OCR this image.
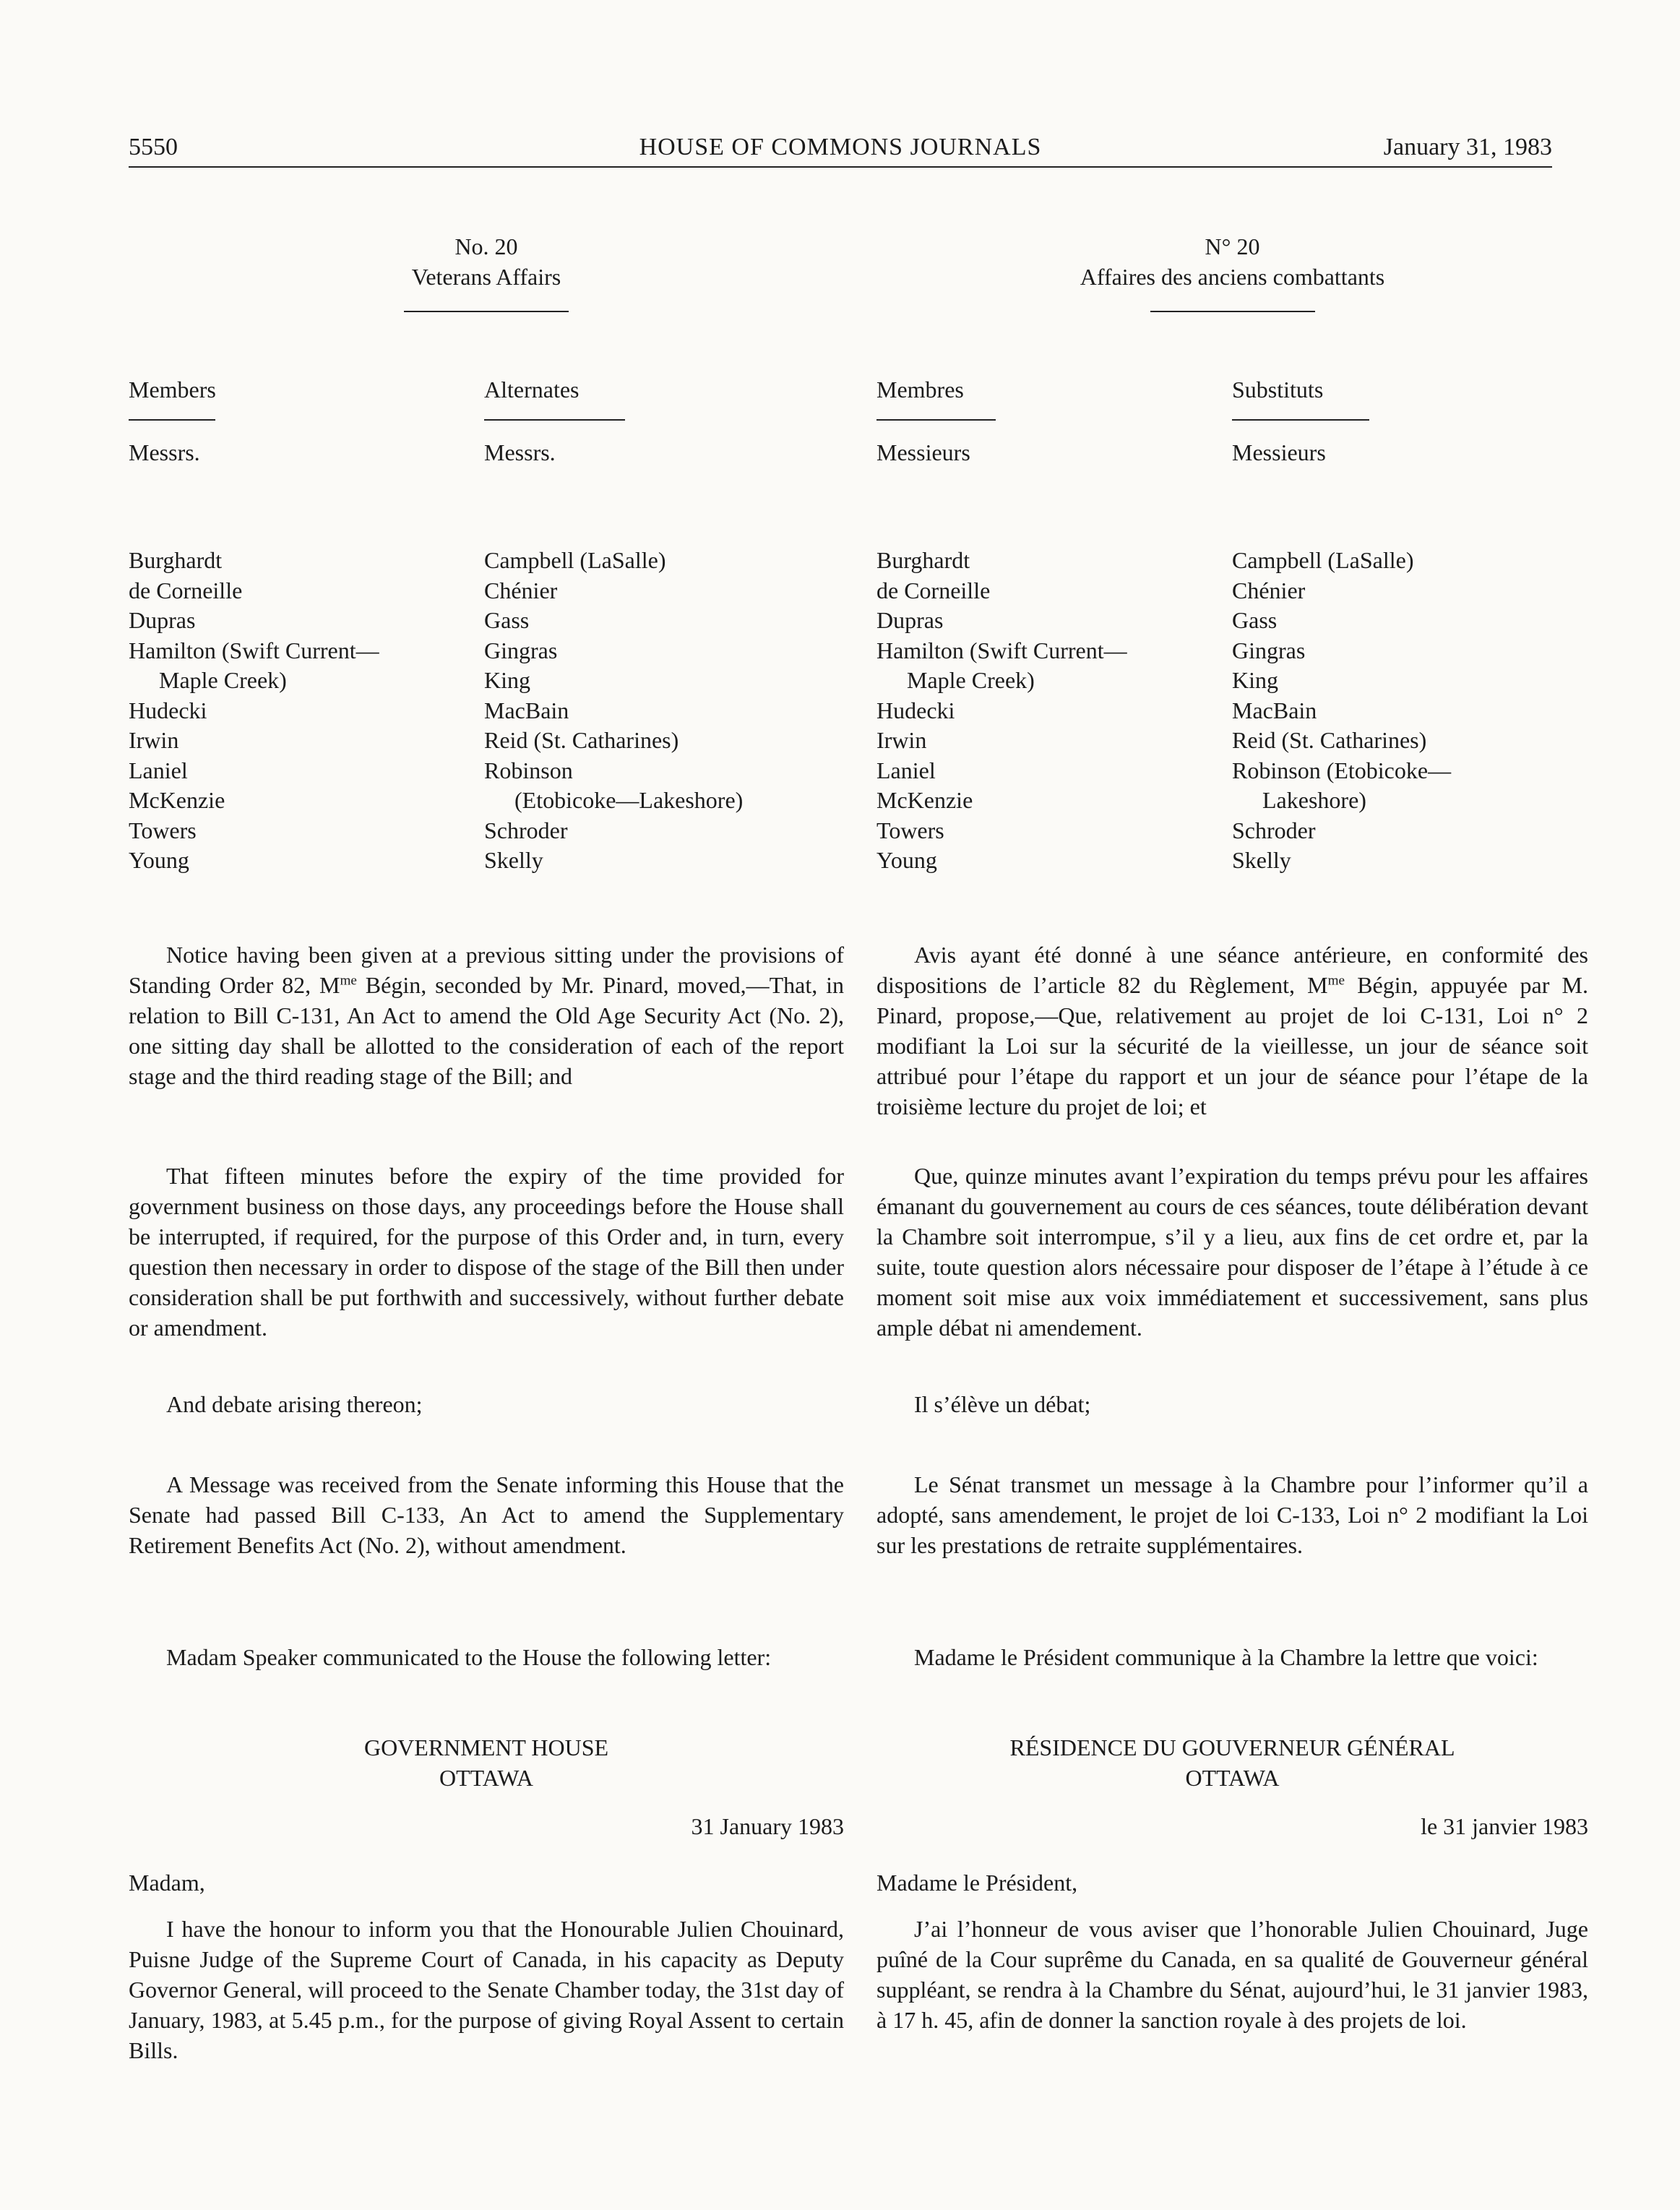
5550	HOUSE OF COMMONS JOURNALS	January 31, 1983
No. 20
Veterans Affairs
Members
Messrs.
Alternates
Messrs.
Burghardt
de Corneille
Dupras
Hamilton (Swift Current—
Maple Creek)
Hudecki
Irwin
Laniel
McKenzie
Towers
Young
Campbell (LaSalle)
Chénier
Gass
Gingras
King
MacBain
Reid (St. Catharines)
Robinson
(Etobicoke—Lakeshore)
Schroder
Skelly

Notice having been given at a previous sitting under the provisions of Standing Order 82, $M^{me}$ Bégin, seconded by Mr. Pinard, moved,—That, in relation to Bill C-131, An Act to amend the Old Age Security Act (No. 2), one sitting day shall be allotted to the consideration of each of the report stage and the third reading stage of the Bill; and

That fifteen minutes before the expiry of the time provided for government business on those days, any proceedings before the House shall be interrupted, if required, for the purpose of this Order and, in turn, every question then necessary in order to dispose of the stage of the Bill then under consideration shall be put forthwith and successively, without further debate or amendment.

And debate arising thereon;

A Message was received from the Senate informing this House that the Senate had passed Bill C-133, An Act to amend the Supplementary Retirement Benefits Act (No. 2), without amendment.

Madam Speaker communicated to the House the following letter:

GOVERNMENT HOUSE
OTTAWA
31 January 1983
Madam,

I have the honour to inform you that the Honourable Julien Chouinard, Puisne Judge of the Supreme Court of Canada, in his capacity as Deputy Governor General, will proceed to the Senate Chamber today, the 31st day of January, 1983, at 5.45 p.m., for the purpose of giving Royal Assent to certain Bills.

N° 20
Affaires des anciens combattants
Membres
Messieurs
Substituts
Messieurs
Burghardt
de Corneille
Dupras
Hamilton (Swift Current—
Maple Creek)
Hudecki
Irwin
Laniel
McKenzie
Towers
Young
Campbell (LaSalle)
Chénier
Gass
Gingras
King
MacBain
Reid (St. Catharines)
Robinson (Etobicoke—
Lakeshore)
Schroder
Skelly

Avis ayant été donné à une séance antérieure, en conformité des dispositions de l’article 82 du Règlement, $M^{me}$ Bégin, appuyée par M. Pinard, propose,—Que, relativement au projet de loi C-131, Loi n° 2 modifiant la Loi sur la sécurité de la vieillesse, un jour de séance soit attribué pour l’étape du rapport et un jour de séance pour l’étape de la troisième lecture du projet de loi; et

Que, quinze minutes avant l’expiration du temps prévu pour les affaires émanant du gouvernement au cours de ces séances, toute délibération devant la Chambre soit interrompue, s’il y a lieu, aux fins de cet ordre et, par la suite, toute question alors nécessaire pour disposer de l’étape à l’étude à ce moment soit mise aux voix immédiatement et successivement, sans plus ample débat ni amendement.

Il s’élève un débat;

Le Sénat transmet un message à la Chambre pour l’informer qu’il a adopté, sans amendement, le projet de loi C-133, Loi n° 2 modifiant la Loi sur les prestations de retraite supplémentaires.

Madame le Président communique à la Chambre la lettre que voici:

RÉSIDENCE DU GOUVERNEUR GÉNÉRAL
OTTAWA
le 31 janvier 1983
Madame le Président,

J’ai l’honneur de vous aviser que l’honorable Julien Chouinard, Juge puîné de la Cour suprême du Canada, en sa qualité de Gouverneur général suppléant, se rendra à la Chambre du Sénat, aujourd’hui, le 31 janvier 1983, à 17 h. 45, afin de donner la sanction royale à des projets de loi.
